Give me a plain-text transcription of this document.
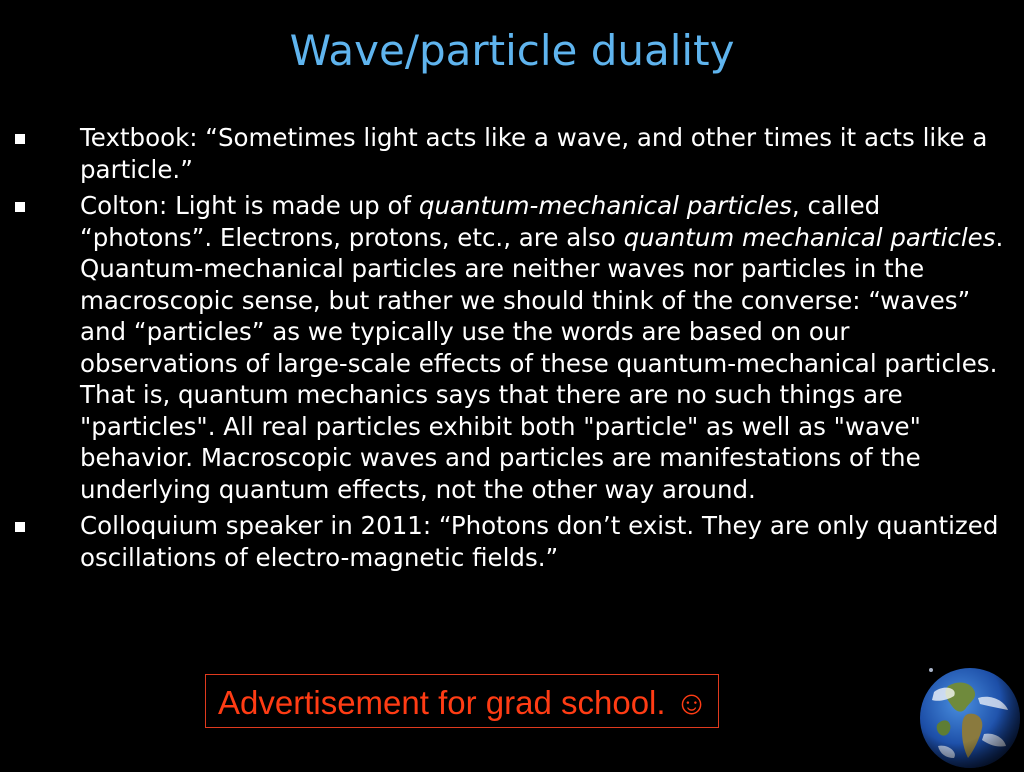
Wave/particle duality
Textbook: “Sometimes light acts like a wave, and other times it acts like a particle.”
Colton: Light is made up of quantum-mechanical particles, called “photons”. Electrons, protons, etc., are also quantum mechanical particles. Quantum-mechanical particles are neither waves nor particles in the macroscopic sense, but rather we should think of the converse: “waves” and “particles” as we typically use the words are based on our observations of large-scale effects of these quantum-mechanical particles. That is, quantum mechanics says that there are no such things are "particles". All real particles exhibit both "particle" as well as "wave" behavior. Macroscopic waves and particles are manifestations of the underlying quantum effects, not the other way around.
Colloquium speaker in 2011: “Photons don’t exist. They are only quantized oscillations of electro-magnetic fields.”
Advertisement for grad school. ☺
